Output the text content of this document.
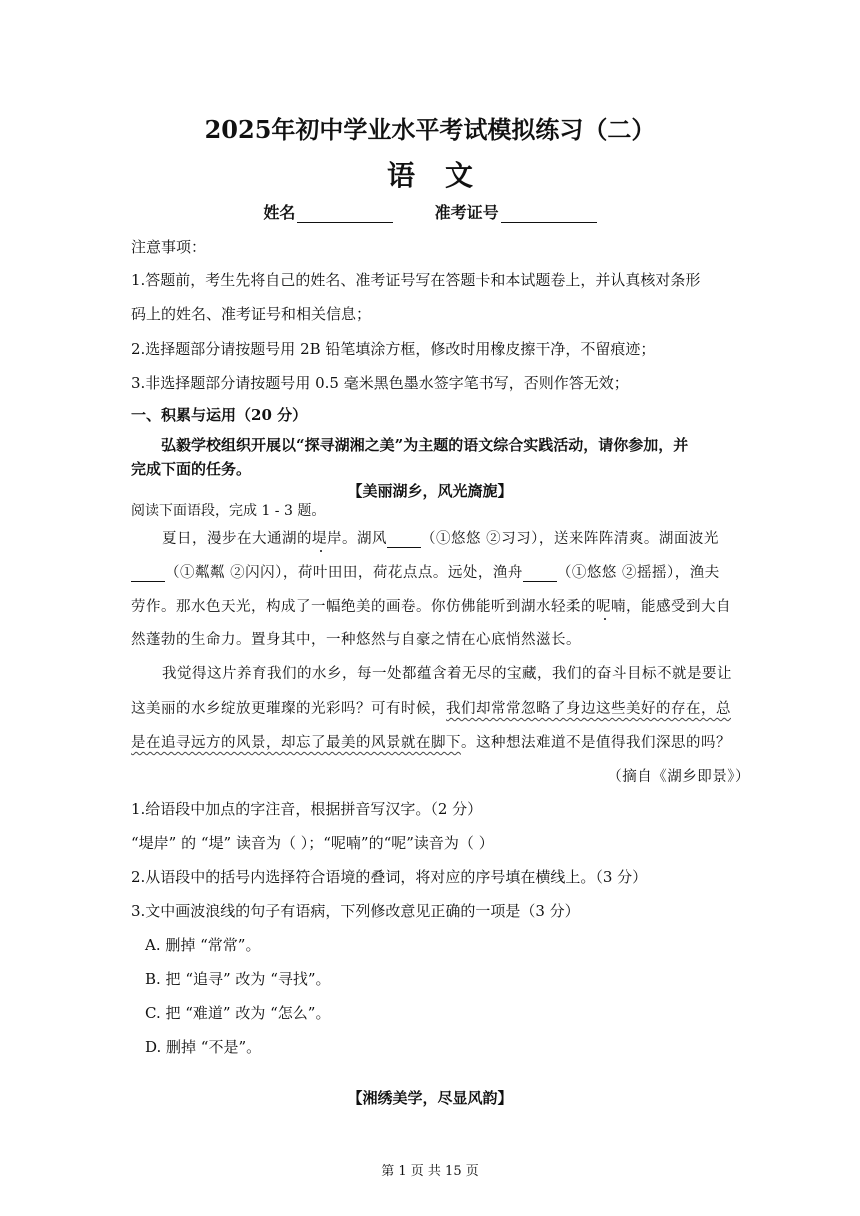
2025年初中学业水平考试模拟练习（二）
语文
姓名	准考证号
注意事项：
1.答题前，考生先将自己的姓名、准考证号写在答题卡和本试题卷上，并认真核对条形
码上的姓名、准考证号和相关信息；
2.选择题部分请按题号用 2B 铅笔填涂方框，修改时用橡皮擦干净，不留痕迹；
3.非选择题部分请按题号用 0.5 毫米黑色墨水签字笔书写，否则作答无效；
一、积累与运用（20 分）
弘毅学校组织开展以“探寻湖湘之美”为主题的语文综合实践活动，请你参加，并
完成下面的任务。
【美丽湖乡，风光旖旎】
阅读下面语段，完成 1 - 3 题。
夏日，漫步在大通湖的堤岸。湖风 （①悠悠 ②习习），送来阵阵清爽。湖面波光
（①粼粼 ②闪闪），荷叶田田，荷花点点。远处，渔舟 （①悠悠 ②摇摇），渔夫
劳作。那水色天光，构成了一幅绝美的画卷。你仿佛能听到湖水轻柔的呢喃，能感受到大自
然蓬勃的生命力。置身其中，一种悠然与自豪之情在心底悄然滋长。
我觉得这片养育我们的水乡，每一处都蕴含着无尽的宝藏，我们的奋斗目标不就是要让
这美丽的水乡绽放更璀璨的光彩吗？可有时候，我们却常常忽略了身边这些美好的存在，总
是在追寻远方的风景，却忘了最美的风景就在脚下。这种想法难道不是值得我们深思的吗？
（摘自《湖乡即景》）
1.给语段中加点的字注音，根据拼音写汉字。（2 分）
“堤岸” 的 “堤” 读音为（ ）；“呢喃”的“呢”读音为（ ）
2.从语段中的括号内选择符合语境的叠词，将对应的序号填在横线上。（3 分）
3.文中画波浪线的句子有语病，下列修改意见正确的一项是（3 分）
A. 删掉 “常常”。
B. 把 “追寻” 改为 “寻找”。
C. 把 “难道” 改为 “怎么”。
D. 删掉 “不是”。
【湘绣美学，尽显风韵】
第 1 页 共 15 页
